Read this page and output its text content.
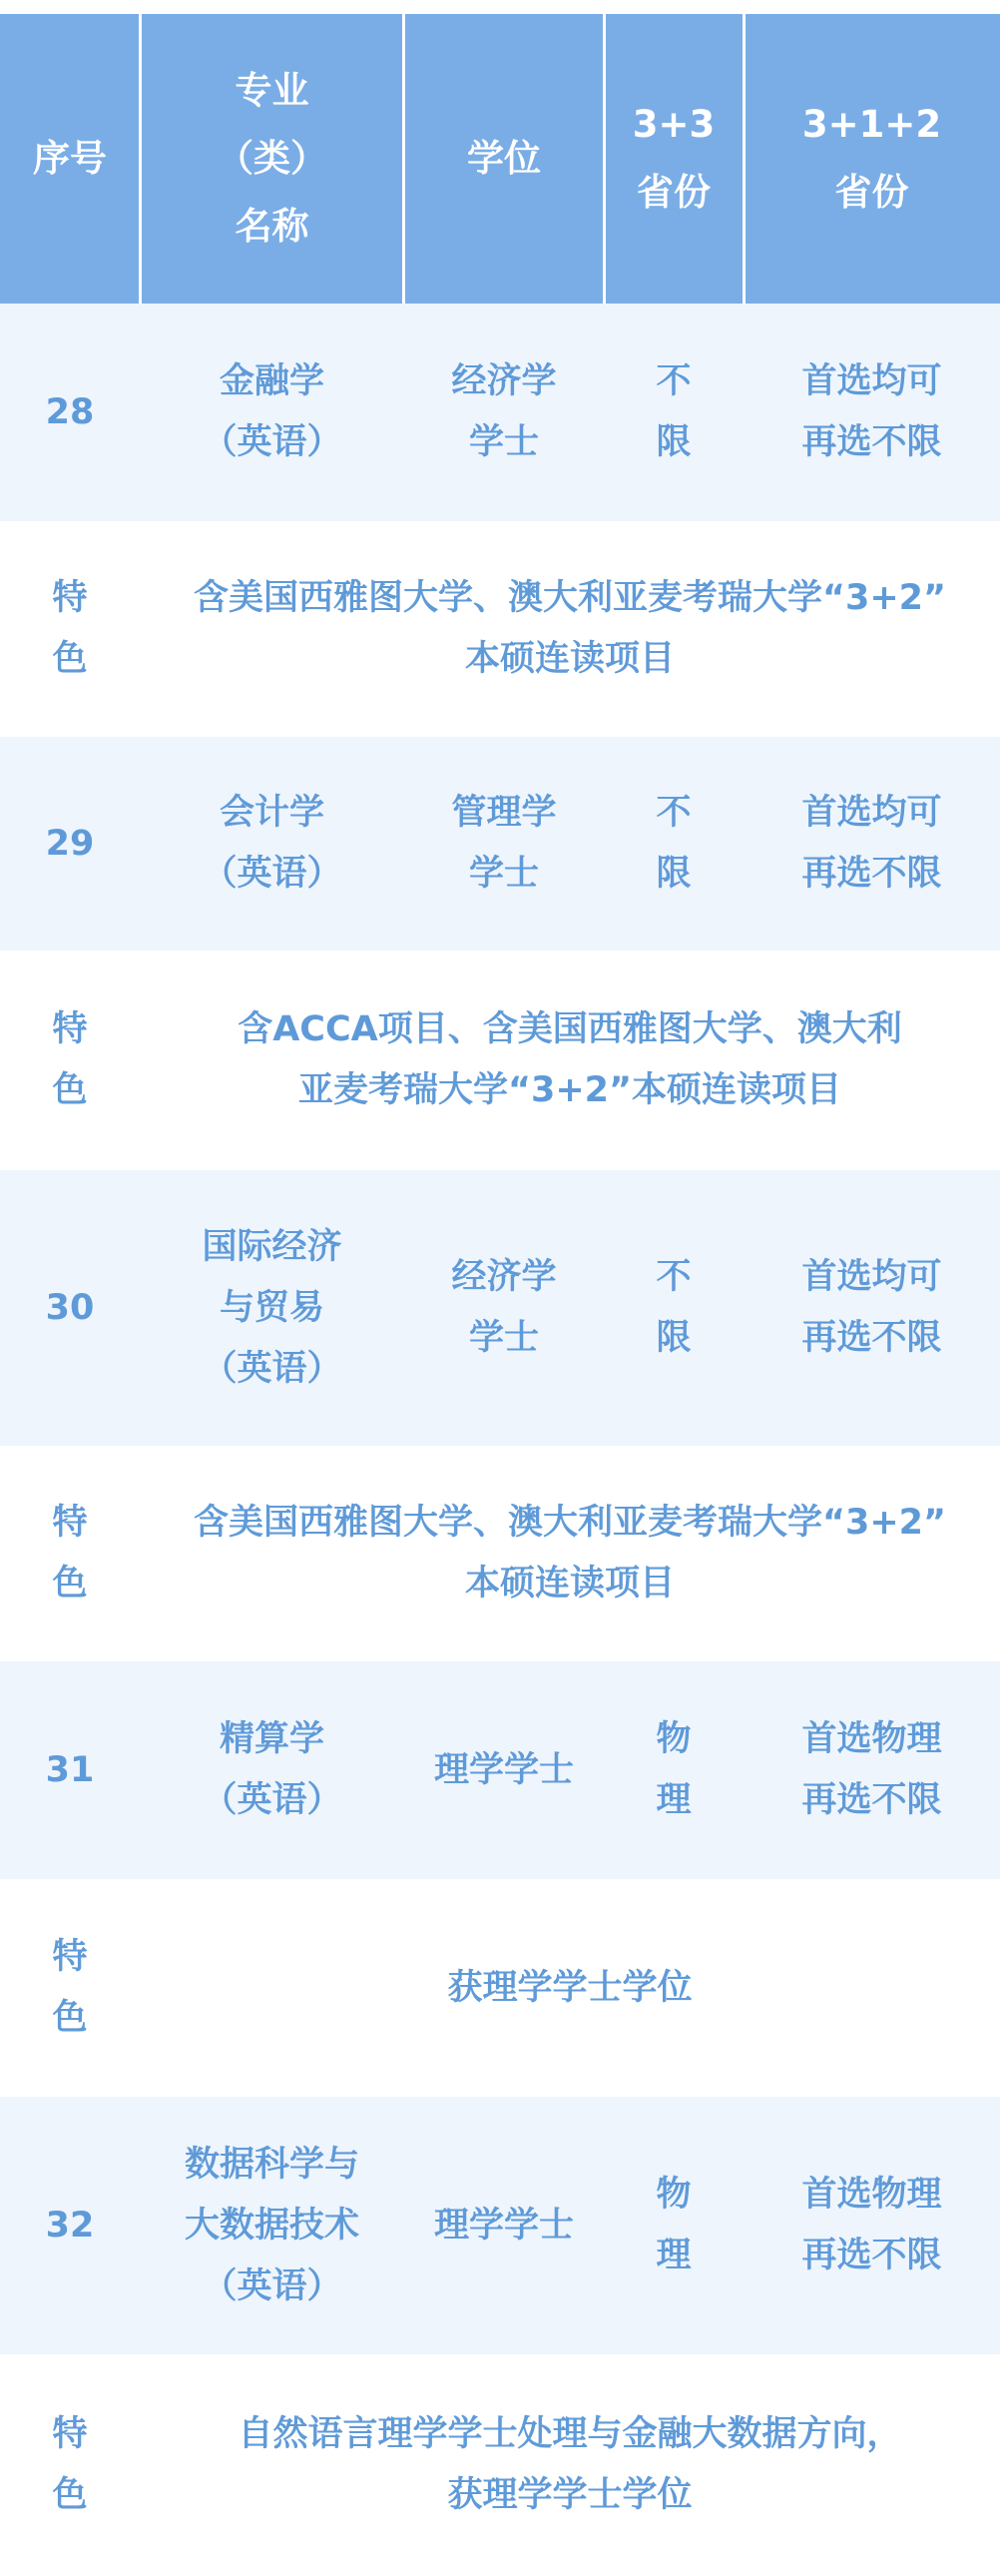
序号
专业
（类）
名称
学位
3+3
省份
3+1+2
省份
28
金融学
（英语）
经济学
学士
不
限
首选均可
再选不限
特
色
含美国西雅图大学、澳大利亚麦考瑞大学“3+2”
本硕连读项目
29
会计学
（英语）
管理学
学士
不
限
首选均可
再选不限
特
色
含ACCA项目、含美国西雅图大学、澳大利
亚麦考瑞大学“3+2”本硕连读项目
30
国际经济
与贸易
（英语）
经济学
学士
不
限
首选均可
再选不限
特
色
含美国西雅图大学、澳大利亚麦考瑞大学“3+2”
本硕连读项目
31
精算学
（英语）
理学学士
物
理
首选物理
再选不限
特
色
获理学学士学位
32
数据科学与
大数据技术
（英语）
理学学士
物
理
首选物理
再选不限
特
色
自然语言理学学士处理与金融大数据方向，
获理学学士学位
